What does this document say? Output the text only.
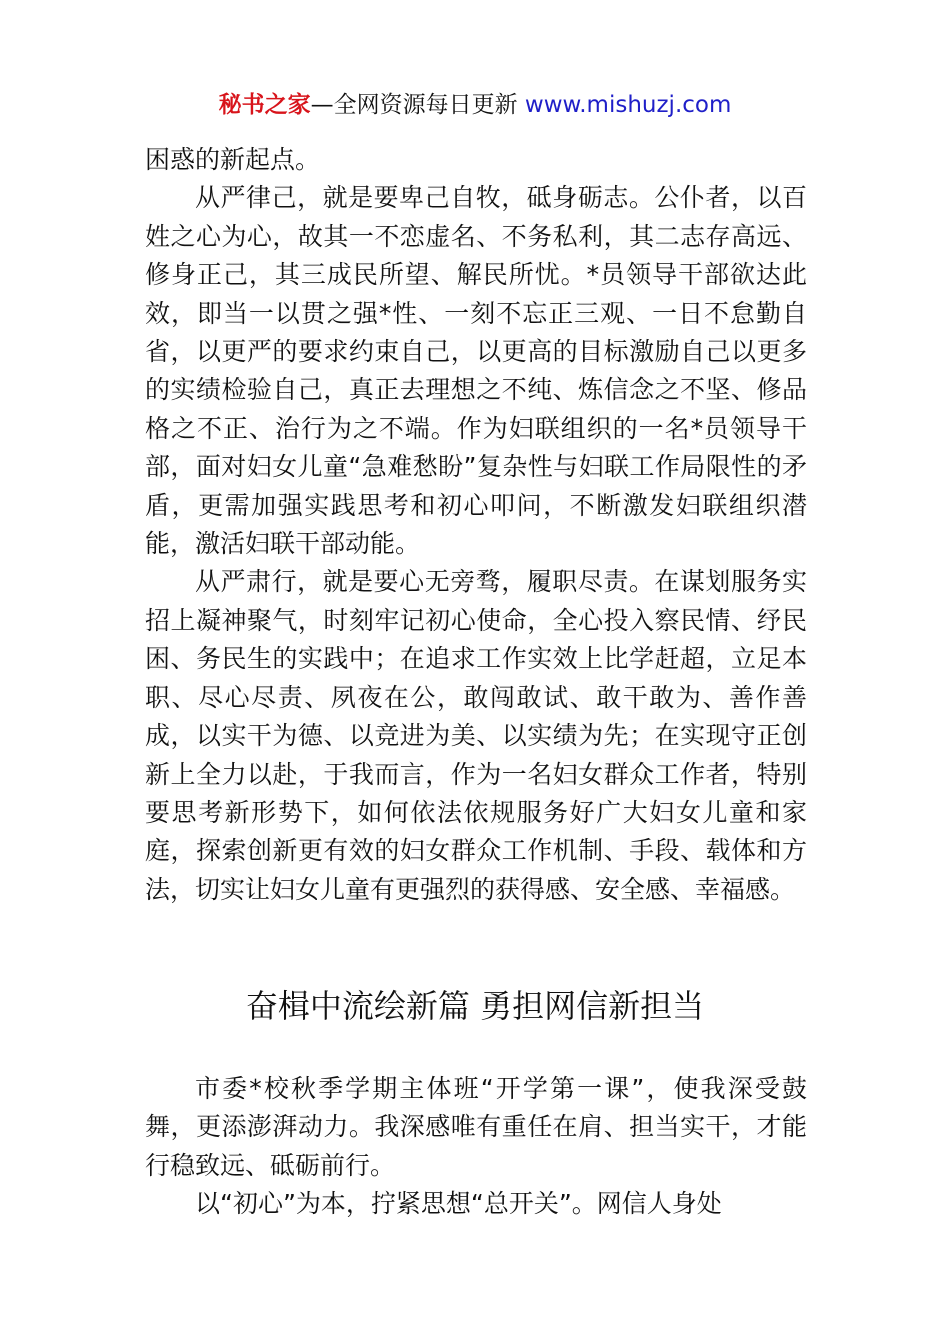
秘书之家—全网资源每日更新 www.mishuzj.com

困惑的新起点。

从严律己，就是要卑己自牧，砥身砺志。公仆者，以百姓之心为心，故其一不恋虚名、不务私利，其二志存高远、修身正己，其三成民所望、解民所忧。*员领导干部欲达此效，即当一以贯之强*性、一刻不忘正三观、一日不怠勤自省，以更严的要求约束自己，以更高的目标激励自己以更多的实绩检验自己，真正去理想之不纯、炼信念之不坚、修品格之不正、治行为之不端。作为妇联组织的一名*员领导干部，面对妇女儿童“急难愁盼”复杂性与妇联工作局限性的矛盾，更需加强实践思考和初心叩问，不断激发妇联组织潜能，激活妇联干部动能。

从严肃行，就是要心无旁骛，履职尽责。在谋划服务实招上凝神聚气，时刻牢记初心使命，全心投入察民情、纾民困、务民生的实践中；在追求工作实效上比学赶超，立足本职、尽心尽责、夙夜在公，敢闯敢试、敢干敢为、善作善成，以实干为德、以竞进为美、以实绩为先；在实现守正创新上全力以赴，于我而言，作为一名妇女群众工作者，特别要思考新形势下，如何依法依规服务好广大妇女儿童和家庭，探索创新更有效的妇女群众工作机制、手段、载体和方法，切实让妇女儿童有更强烈的获得感、安全感、幸福感。

奋楫中流绘新篇 勇担网信新担当

市委*校秋季学期主体班“开学第一课”，使我深受鼓舞，更添澎湃动力。我深感唯有重任在肩、担当实干，才能行稳致远、砥砺前行。

以“初心”为本，拧紧思想“总开关”。网信人身处
